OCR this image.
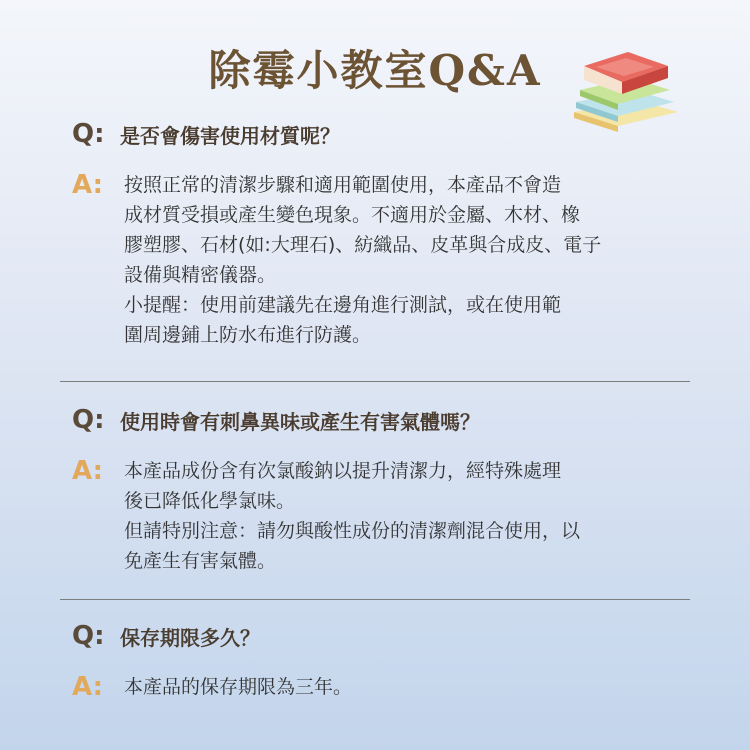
除霉小教室Q&A
Q: 是否會傷害使用材質呢？
A:	按照正常的清潔步驟和適用範圍使用，本產品不會造
成材質受損或產生變色現象。不適用於金屬、木材、橡
膠塑膠、石材(如:大理石)、紡織品、皮革與合成皮、電子
設備與精密儀器。
小提醒：使用前建議先在邊角進行測試，或在使用範
圍周邊鋪上防水布進行防護。
Q: 使用時會有刺鼻異味或產生有害氣體嗎？
A:	本產品成份含有次氯酸鈉以提升清潔力，經特殊處理
後已降低化學氯味。
但請特別注意：請勿與酸性成份的清潔劑混合使用，以
免產生有害氣體。
Q: 保存期限多久？
A:	本產品的保存期限為三年。
